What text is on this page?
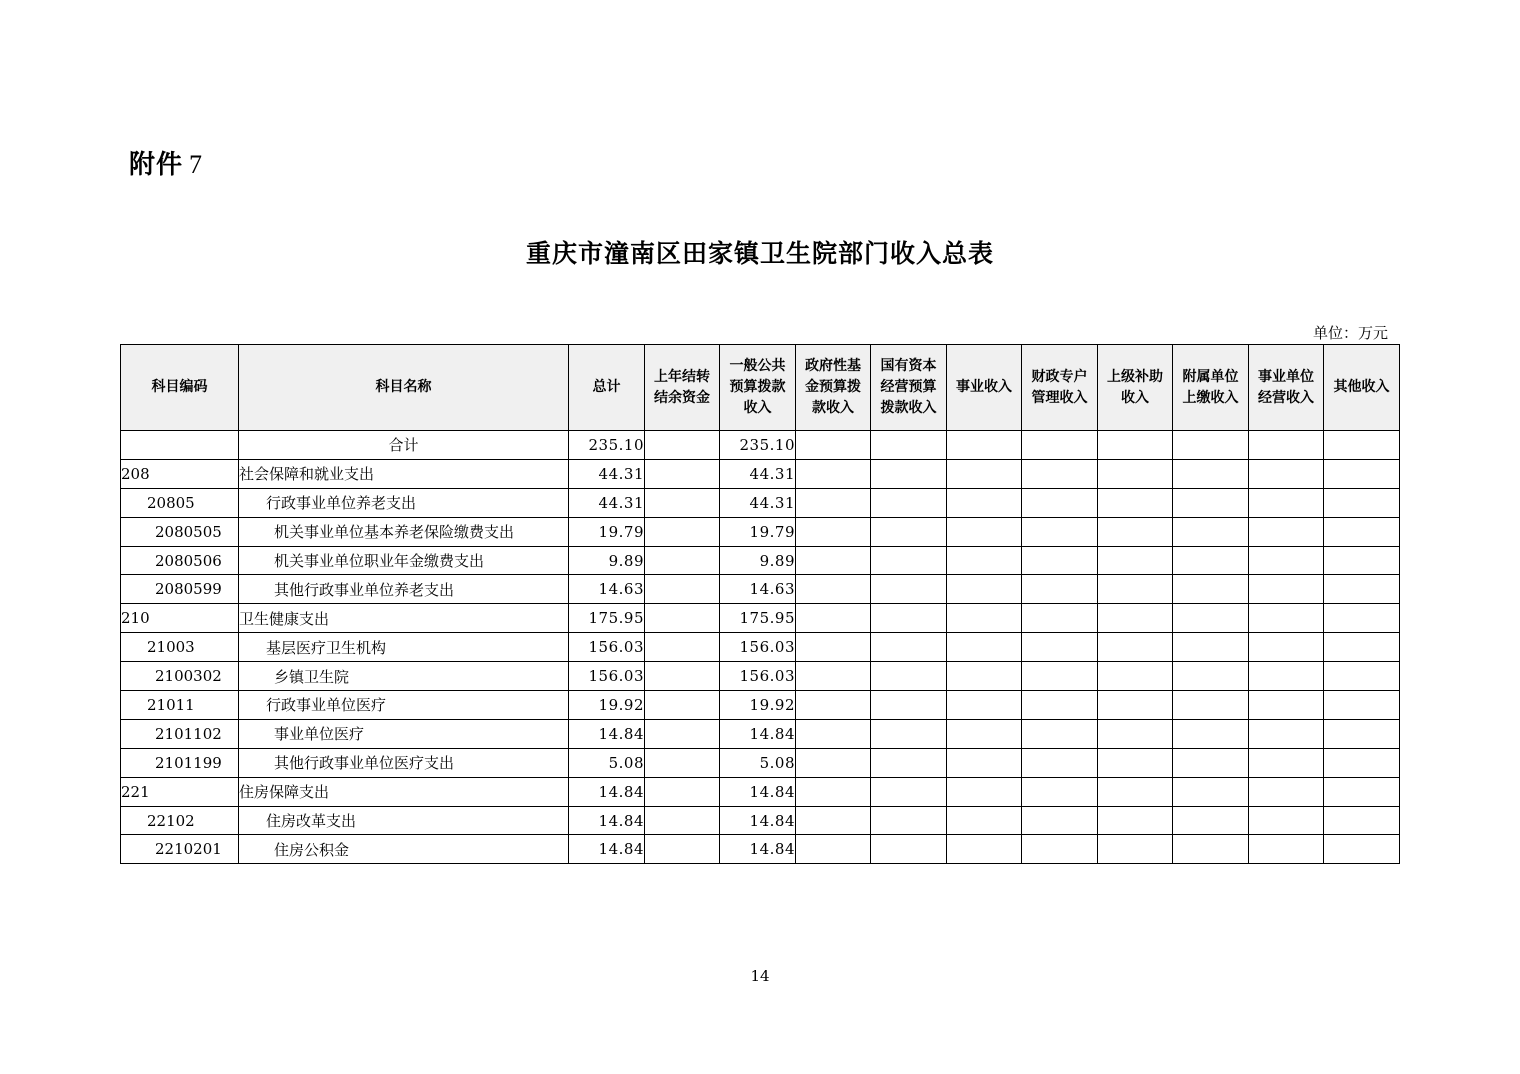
附件 7
重庆市潼南区田家镇卫生院部门收入总表
单位：万元
科目编码	科目名称	总计	上年结转结余资金	一般公共预算拨款收入	政府性基金预算拨款收入	国有资本经营预算拨款收入	事业收入	财政专户管理收入	上级补助收入	附属单位上缴收入	事业单位经营收入	其他收入
	合计	235.10		235.10								
208	社会保障和就业支出	44.31		44.31								
20805	行政事业单位养老支出	44.31		44.31								
2080505	机关事业单位基本养老保险缴费支出	19.79		19.79								
2080506	机关事业单位职业年金缴费支出	9.89		9.89								
2080599	其他行政事业单位养老支出	14.63		14.63								
210	卫生健康支出	175.95		175.95								
21003	基层医疗卫生机构	156.03		156.03								
2100302	乡镇卫生院	156.03		156.03								
21011	行政事业单位医疗	19.92		19.92								
2101102	事业单位医疗	14.84		14.84								
2101199	其他行政事业单位医疗支出	5.08		5.08								
221	住房保障支出	14.84		14.84								
22102	住房改革支出	14.84		14.84								
2210201	住房公积金	14.84		14.84								
14
